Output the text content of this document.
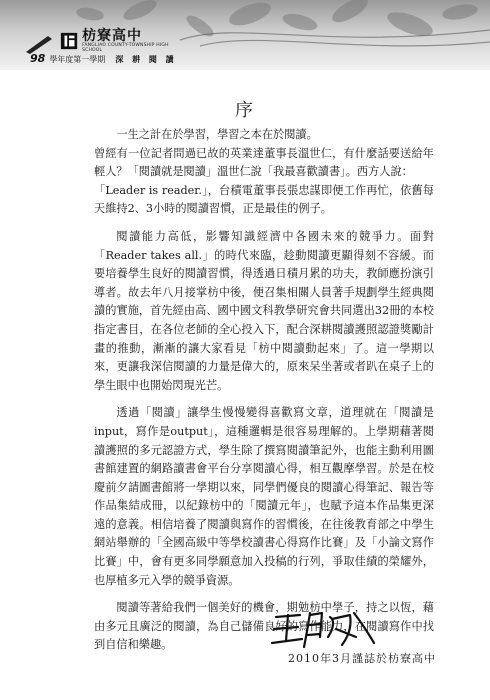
枋寮高中
FANGLIAO COUNTY-TOWNSHIP HIGH SCHOOL
98 學年度第一學期 深 耕 閱 讀
序

一生之計在於學習，學習之本在於閱讀。

曾經有一位記者問過已故的英業達董事長溫世仁，有什麼話要送給年輕人？「閱讀就是閱讀」溫世仁說「我最喜歡讀書」。西方人說：

「Leader is reader.」，台積電董事長張忠謀即便工作再忙，依舊每天維持2、3小時的閱讀習慣，正是最佳的例子。

閱讀能力高低，影響知識經濟中各國未來的競爭力。面對「Reader takes all.」的時代來臨，趁動閱讀更顯得刻不容緩。而要培養學生良好的閱讀習慣，得透過日積月累的功夫，教師應扮演引導者。故去年八月接掌枋中後，便召集相關人員著手規劃學生經典閱讀的實施，首先經由高、國中國文科教學研究會共同選出32冊的本校指定書目，在各位老師的全心投入下，配合深耕閱讀護照認證獎勵計畫的推動，漸漸的讓大家看見「枋中閱讀動起來」了。這一學期以來，更讓我深信閱讀的力量是偉大的，原來呆坐著或者趴在桌子上的學生眼中也開始閃現光芒。

透過「閱讀」讓學生慢慢變得喜歡寫文章，道理就在「閱讀是input，寫作是output」，這種邏輯是很容易理解的。上學期藉著閱讀護照的多元認證方式，學生除了撰寫閱讀筆記外，也能主動利用圖書館建置的網路讀書會平台分享閱讀心得，相互觀摩學習。於是在校慶前夕請圖書館將一學期以來，同學們優良的閱讀心得筆記、報告等作品集結成冊，以紀錄枋中的「閱讀元年」，也賦予這本作品集更深遠的意義。相信培養了閱讀與寫作的習慣後，在往後教育部之中學生網站舉辦的「全國高級中等學校讀書心得寫作比賽」及「小論文寫作比賽」中，會有更多同學願意加入投稿的行列，爭取佳績的榮耀外，也厚植多元入學的競爭資源。

閱讀等著給我們一個美好的機會，期勉枋中學子，持之以恆，藉由多元且廣泛的閱讀，為自己儲備良好的寫作能力，在閱讀寫作中找到自信和樂趣。

2010年3月謹誌於枋寮高中
